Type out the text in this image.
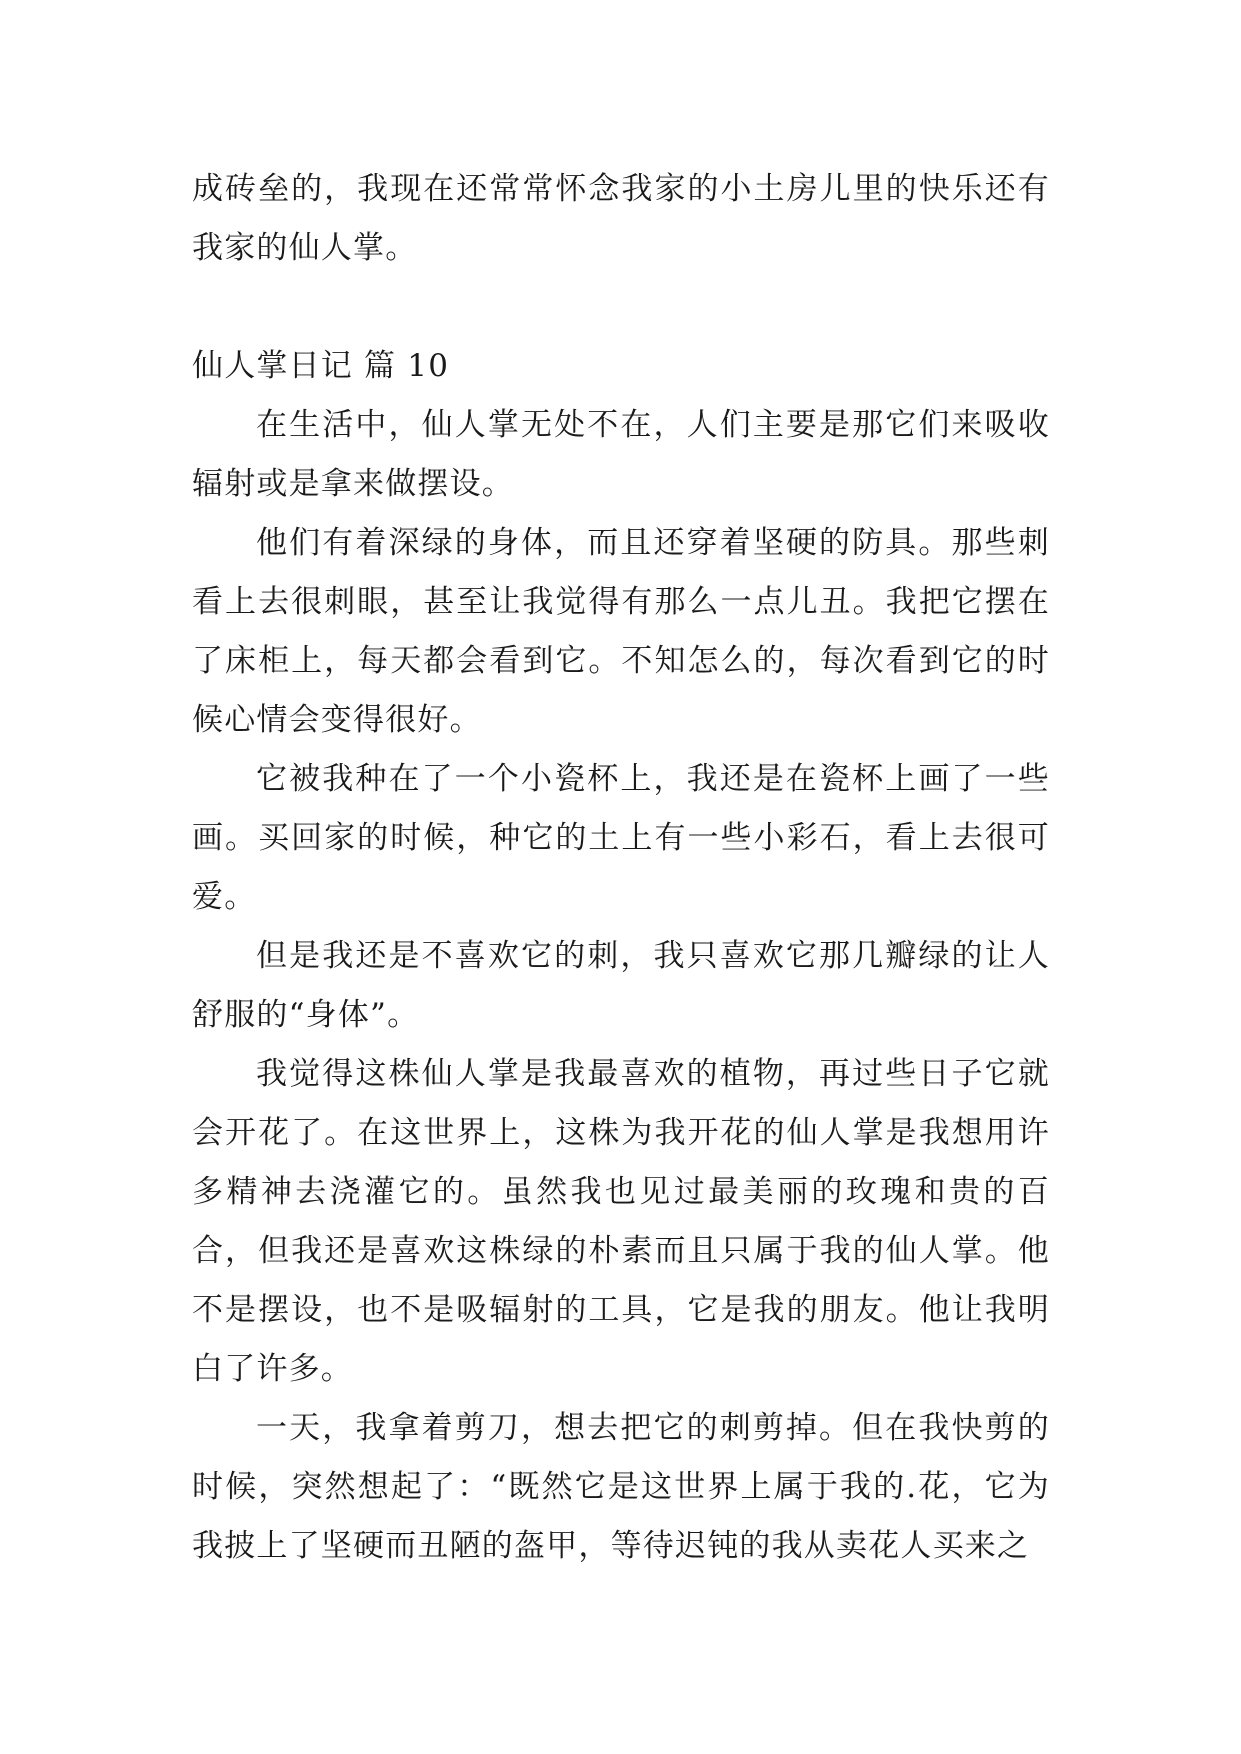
成砖垒的，我现在还常常怀念我家的小土房儿里的快乐还有我家的仙人掌。

仙人掌日记 篇 10

在生活中，仙人掌无处不在，人们主要是那它们来吸收辐射或是拿来做摆设。

他们有着深绿的身体，而且还穿着坚硬的防具。那些刺看上去很刺眼，甚至让我觉得有那么一点儿丑。我把它摆在了床柜上，每天都会看到它。不知怎么的，每次看到它的时候心情会变得很好。

它被我种在了一个小瓷杯上，我还是在瓷杯上画了一些画。买回家的时候，种它的土上有一些小彩石，看上去很可爱。

但是我还是不喜欢它的刺，我只喜欢它那几瓣绿的让人舒服的“身体”。

我觉得这株仙人掌是我最喜欢的植物，再过些日子它就会开花了。在这世界上，这株为我开花的仙人掌是我想用许多精神去浇灌它的。虽然我也见过最美丽的玫瑰和贵的百合，但我还是喜欢这株绿的朴素而且只属于我的仙人掌。他不是摆设，也不是吸辐射的工具，它是我的朋友。他让我明白了许多。

一天，我拿着剪刀，想去把它的刺剪掉。但在我快剪的时候，突然想起了：“既然它是这世界上属于我的.花，它为我披上了坚硬而丑陋的盔甲，等待迟钝的我从卖花人买来之
